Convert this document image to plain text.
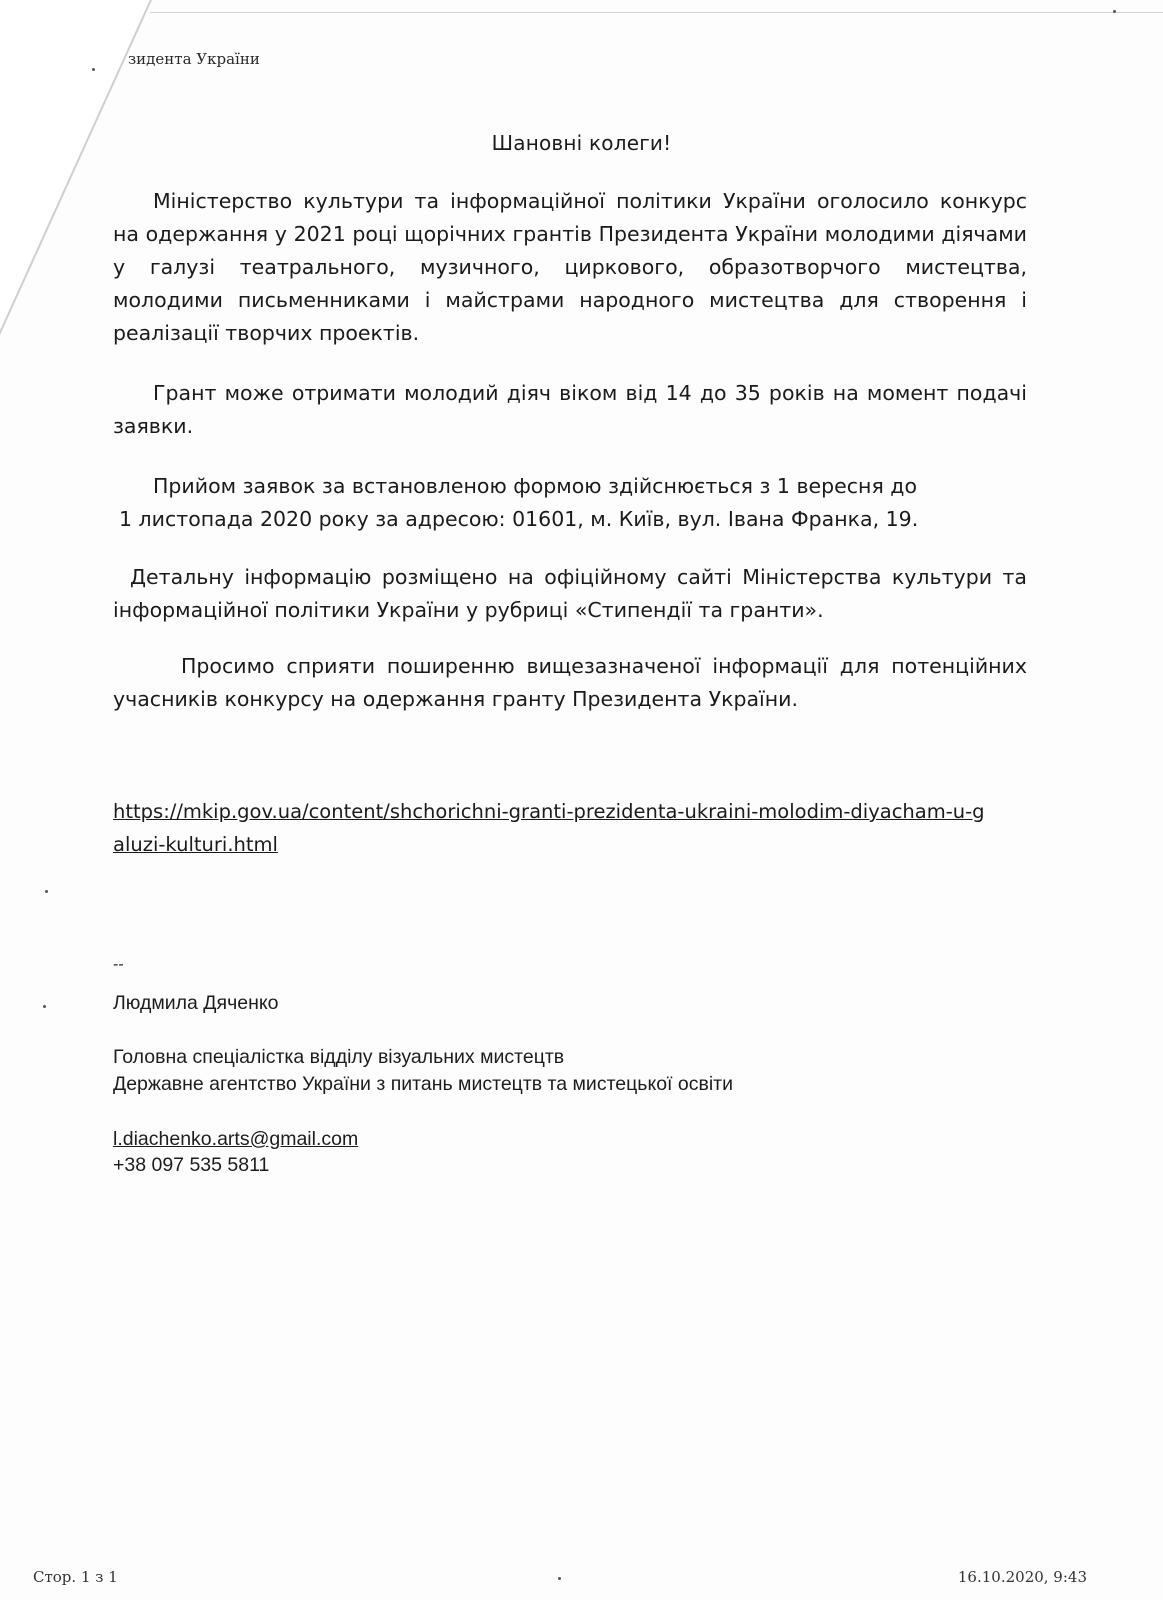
зидента України
Шановні колеги!
Міністерство культури та інформаційної політики України оголосило конкурс на одержання у 2021 році щорічних грантів Президента України молодими діячами у галузі театрального, музичного, циркового, образотворчого мистецтва, молодими письменниками і майстрами народного мистецтва для створення і реалізації творчих проектів.
Грант може отримати молодий діяч віком від 14 до 35 років на момент подачі заявки.
Прийом заявок за встановленою формою здійснюється з 1 вересня до
1 листопада 2020 року за адресою: 01601, м. Київ, вул. Івана Франка, 19.
Детальну інформацію розміщено на офіційному сайті Міністерства культури та інформаційної політики України у рубриці «Стипендії та гранти».
Просимо сприяти поширенню вищезазначеної інформації для потенційних учасників конкурсу на одержання гранту Президента України.
https://mkip.gov.ua/content/shchorichni-granti-prezidenta-ukraini-molodim-diyacham-u-galuzi-kulturi.html
--
Людмила Дяченко
Головна спеціалістка відділу візуальних мистецтв
Державне агентство України з питань мистецтв та мистецької освіти
l.diachenko.arts@gmail.com
+38 097 535 5811
Стор. 1 з 1	16.10.2020, 9:43
